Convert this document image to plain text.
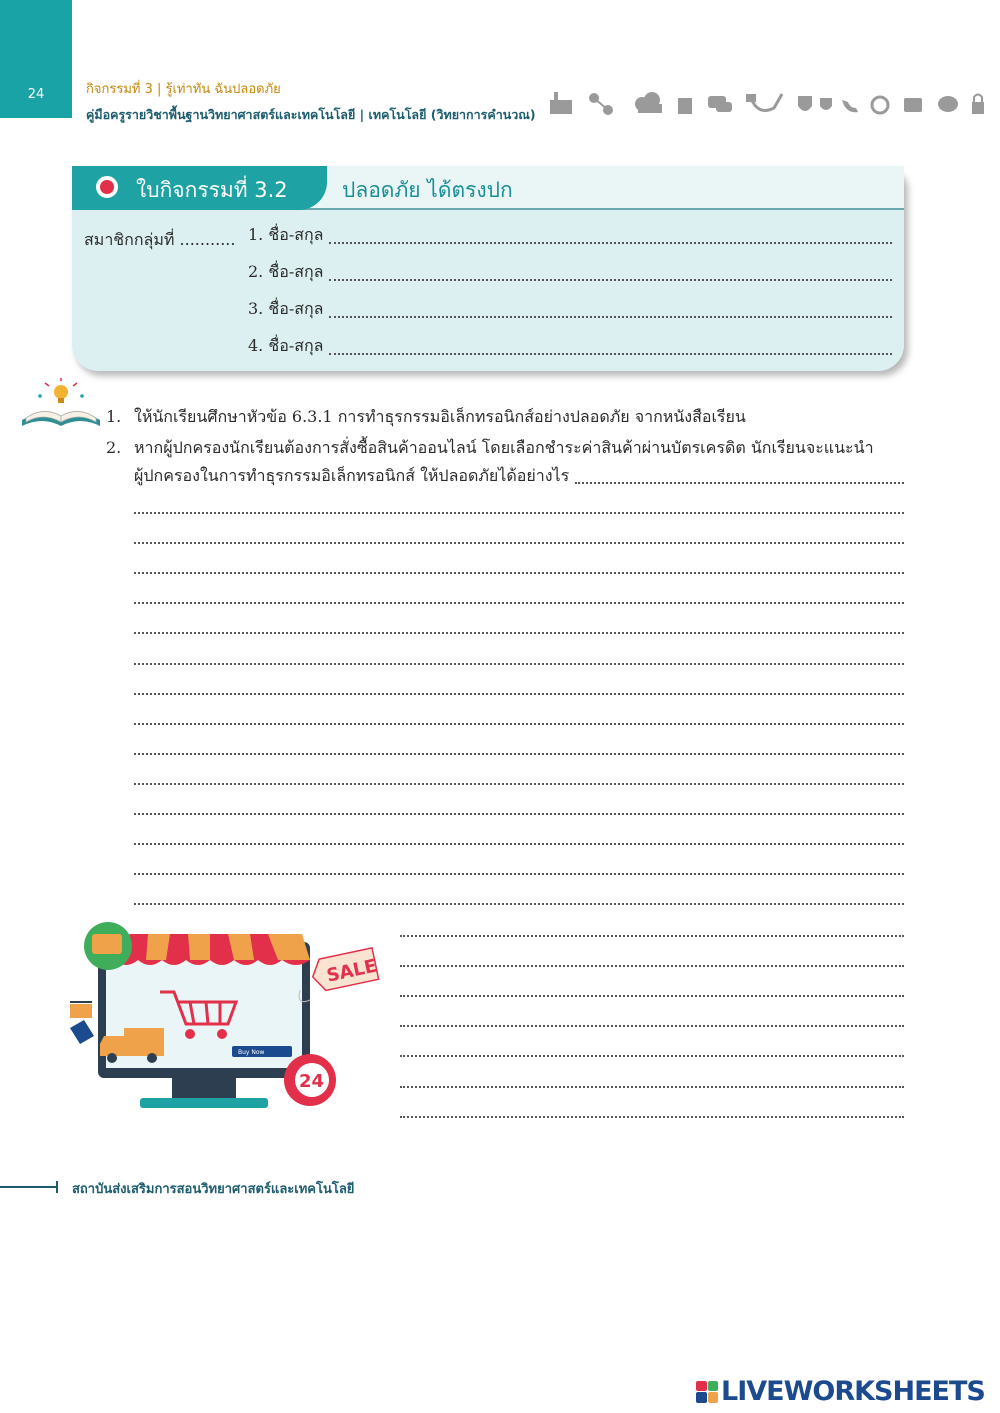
24	กิจกรรมที่ 3 | รู้เท่าทัน ฉันปลอดภัย
คู่มือครูรายวิชาพื้นฐานวิทยาศาสตร์และเทคโนโลยี | เทคโนโลยี (วิทยาการคำนวณ)
ใบกิจกรรมที่ 3.2	ปลอดภัย ได้ตรงปก
สมาชิกกลุ่มที่ ........... 1. ชื่อ-สกุล
2. ชื่อ-สกุล
3. ชื่อ-สกุล
4. ชื่อ-สกุล
1. ให้นักเรียนศึกษาหัวข้อ 6.3.1 การทำธุรกรรมอิเล็กทรอนิกส์อย่างปลอดภัย จากหนังสือเรียน
2. หากผู้ปกครองนักเรียนต้องการสั่งซื้อสินค้าออนไลน์ โดยเลือกชำระค่าสินค้าผ่านบัตรเครดิต นักเรียนจะแนะนำ
ผู้ปกครองในการทำธุรกรรมอิเล็กทรอนิกส์ ให้ปลอดภัยได้อย่างไร
Buy Now
SALE
24
สถาบันส่งเสริมการสอนวิทยาศาสตร์และเทคโนโลยี
LIVEWORKSHEETS
